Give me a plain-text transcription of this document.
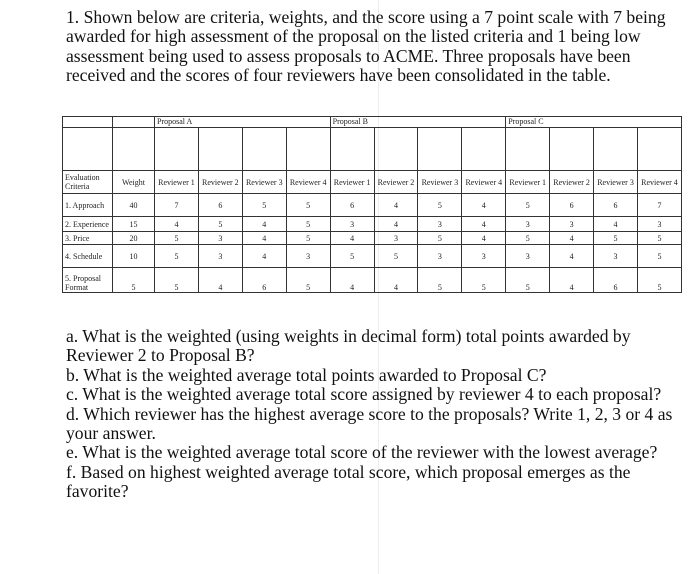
1. Shown below are criteria, weights, and the score using a 7 point scale with 7 being awarded for high assessment of the proposal on the listed criteria and 1 being low assessment being used to assess proposals to ACME. Three proposals have been received and the scores of four reviewers have been consolidated in the table.

		Proposal A				Proposal B				Proposal C			

Evaluation Criteria	Weight	Reviewer 1	Reviewer 2	Reviewer 3	Reviewer 4	Reviewer 1	Reviewer 2	Reviewer 3	Reviewer 4	Reviewer 1	Reviewer 2	Reviewer 3	Reviewer 4
1. Approach	40	7	6	5	5	6	4	5	4	5	6	6	7
2. Experience	15	4	5	4	5	3	4	3	4	3	3	4	3
3. Price	20	5	3	4	5	4	3	5	4	5	4	5	5
4. Schedule	10	5	3	4	3	5	5	3	3	3	4	3	5
5. Proposal Format	5	5	4	6	5	4	4	5	5	5	4	6	5
a. What is the weighted (using weights in decimal form) total points awarded by Reviewer 2 to Proposal B?
b. What is the weighted average total points awarded to Proposal C?
c. What is the weighted average total score assigned by reviewer 4 to each proposal?
d. Which reviewer has the highest average score to the proposals? Write 1, 2, 3 or 4 as your answer.
e. What is the weighted average total score of the reviewer with the lowest average?
f. Based on highest weighted average total score, which proposal emerges as the favorite?
